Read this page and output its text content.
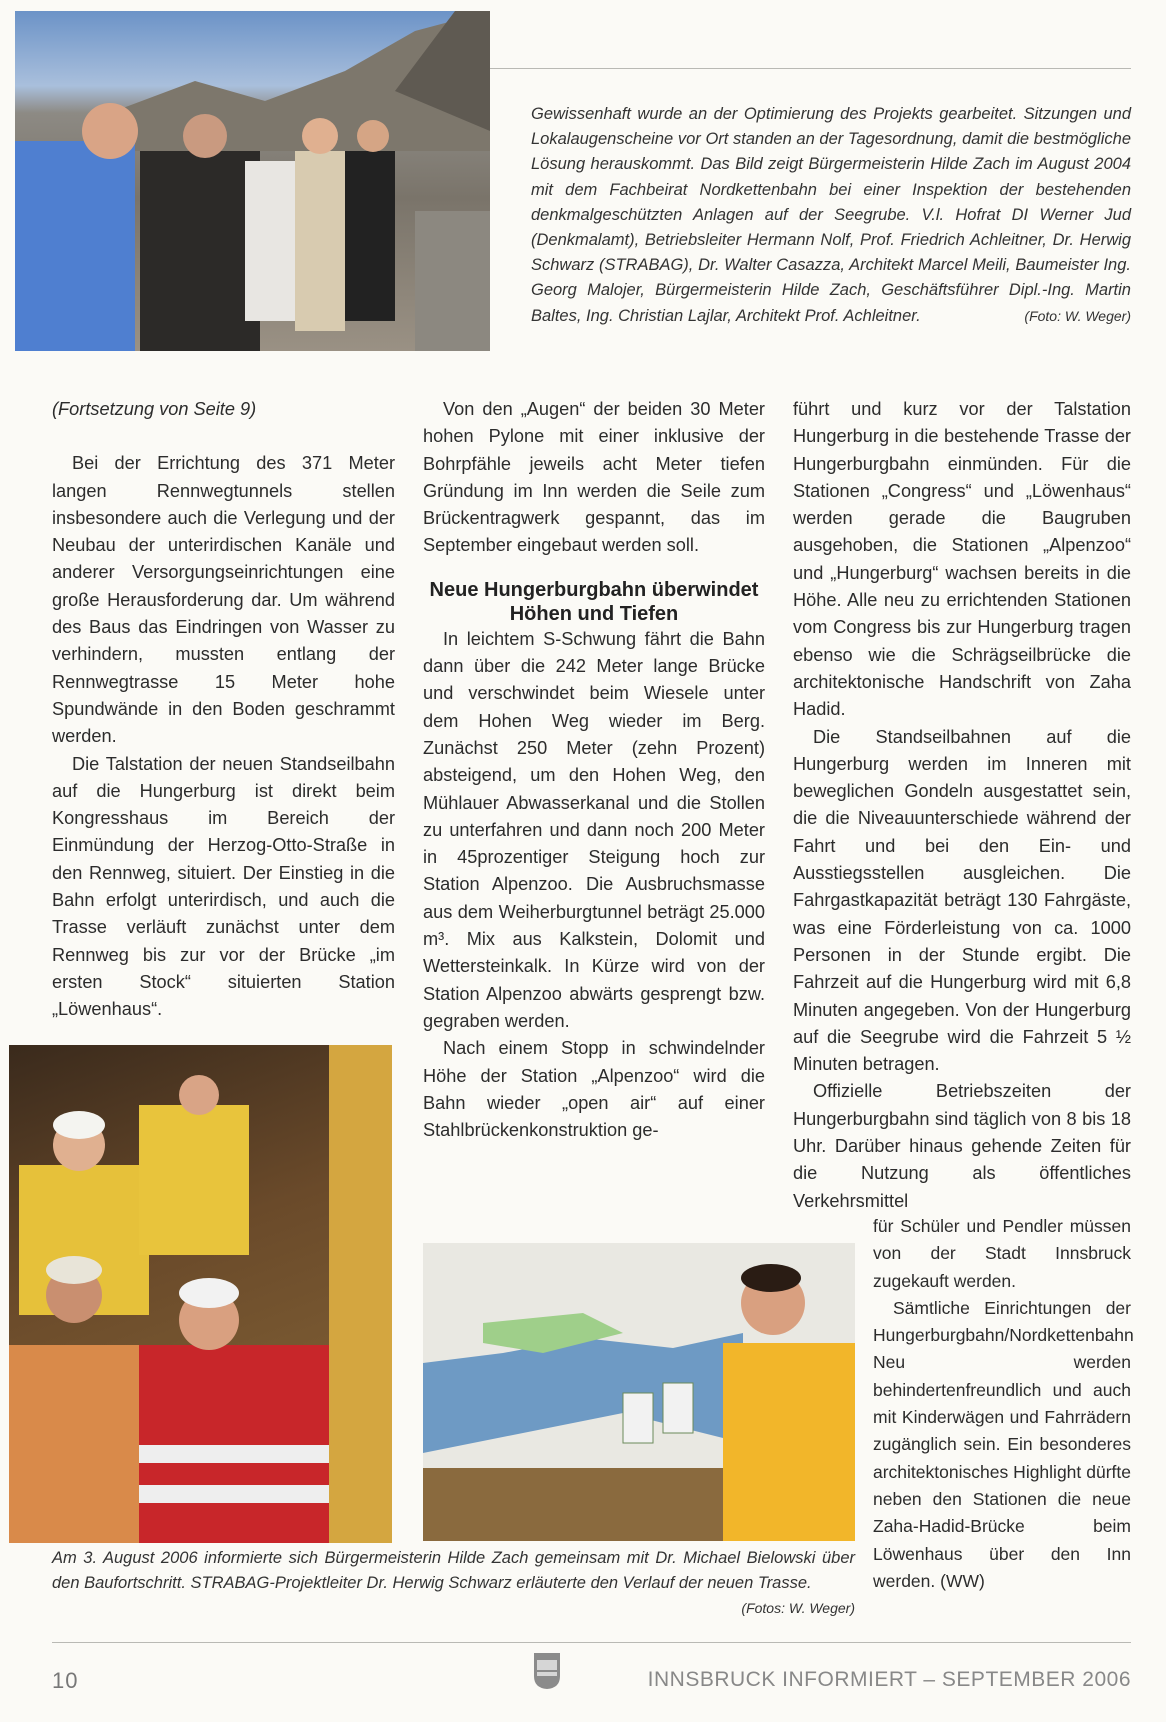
Gewissenhaft wurde an der Optimierung des Projekts gearbeitet. Sitzungen und Lokalaugenscheine vor Ort standen an der Tagesordnung, damit die bestmögliche Lösung herauskommt. Das Bild zeigt Bürgermeisterin Hilde Zach im August 2004 mit dem Fachbeirat Nordkettenbahn bei einer Inspektion der bestehenden denkmalgeschützten Anlagen auf der Seegrube. V.l. Hofrat DI Werner Jud (Denkmalamt), Betriebsleiter Hermann Nolf, Prof. Friedrich Achleitner, Dr. Herwig Schwarz (STRABAG), Dr. Walter Casazza, Architekt Marcel Meili, Baumeister Ing. Georg Malojer, Bürgermeisterin Hilde Zach, Geschäftsführer Dipl.-Ing. Martin Baltes, Ing. Christian Lajlar, Architekt Prof. Achleitner.	(Foto: W. Weger)

(Fortsetzung von Seite 9)

Bei der Errichtung des 371 Meter langen Rennwegtunnels stellen insbesondere auch die Verlegung und der Neubau der unterirdischen Kanäle und anderer Versorgungseinrichtungen eine große Herausforderung dar. Um während des Baus das Eindringen von Wasser zu verhindern, mussten entlang der Rennwegtrasse 15 Meter hohe Spundwände in den Boden geschrammt werden.

Die Talstation der neuen Standseilbahn auf die Hungerburg ist direkt beim Kongresshaus im Bereich der Einmündung der Herzog-Otto-Straße in den Rennweg, situiert. Der Einstieg in die Bahn erfolgt unterirdisch, und auch die Trasse verläuft zunächst unter dem Rennweg bis zur vor der Brücke „im ersten Stock“ situierten Station „Löwenhaus“.

Von den „Augen“ der beiden 30 Meter hohen Pylone mit einer inklusive der Bohrpfähle jeweils acht Meter tiefen Gründung im Inn werden die Seile zum Brückentragwerk gespannt, das im September eingebaut werden soll.

Neue Hungerburgbahn überwindet Höhen und Tiefen

In leichtem S-Schwung fährt die Bahn dann über die 242 Meter lange Brücke und verschwindet beim Wiesele unter dem Hohen Weg wieder im Berg. Zunächst 250 Meter (zehn Prozent) absteigend, um den Hohen Weg, den Mühlauer Abwasserkanal und die Stollen zu unterfahren und dann noch 200 Meter in 45prozentiger Steigung hoch zur Station Alpenzoo. Die Ausbruchsmasse aus dem Weiherburgtunnel beträgt 25.000 m³. Mix aus Kalkstein, Dolomit und Wettersteinkalk. In Kürze wird von der Station Alpenzoo abwärts gesprengt bzw. gegraben werden.

Nach einem Stopp in schwindelnder Höhe der Station „Alpenzoo“ wird die Bahn wieder „open air“ auf einer Stahlbrückenkonstruktion ge-

führt und kurz vor der Talstation Hungerburg in die bestehende Trasse der Hungerburgbahn einmünden. Für die Stationen „Congress“ und „Löwenhaus“ werden gerade die Baugruben ausgehoben, die Stationen „Alpenzoo“ und „Hungerburg“ wachsen bereits in die Höhe. Alle neu zu errichtenden Stationen vom Congress bis zur Hungerburg tragen ebenso wie die Schrägseilbrücke die architektonische Handschrift von Zaha Hadid.

Die Standseilbahnen auf die Hungerburg werden im Inneren mit beweglichen Gondeln ausgestattet sein, die die Niveauunterschiede während der Fahrt und bei den Ein- und Ausstiegsstellen ausgleichen. Die Fahrgastkapazität beträgt 130 Fahrgäste, was eine Förderleistung von ca. 1000 Personen in der Stunde ergibt. Die Fahrzeit auf die Hungerburg wird mit 6,8 Minuten angegeben. Von der Hungerburg auf die Seegrube wird die Fahrzeit 5 ½ Minuten betragen.

Offizielle Betriebszeiten der Hungerburgbahn sind täglich von 8 bis 18 Uhr. Darüber hinaus gehende Zeiten für die Nutzung als öffentliches Verkehrsmittel

für Schüler und Pendler müssen von der Stadt Innsbruck zugekauft werden.

Sämtliche Einrichtungen der Hungerburgbahn/Nordkettenbahn Neu werden behindertenfreundlich und auch mit Kinderwägen und Fahrrädern zugänglich sein. Ein besonderes architektonisches Highlight dürfte neben den Stationen die neue Zaha-Hadid-Brücke beim Löwenhaus über den Inn werden. (WW)

Am 3. August 2006 informierte sich Bürgermeisterin Hilde Zach gemeinsam mit Dr. Michael Bielowski über den Baufortschritt. STRABAG-Projektleiter Dr. Herwig Schwarz erläuterte den Verlauf der neuen Trasse.
(Fotos: W. Weger)
10	INNSBRUCK INFORMIERT – SEPTEMBER 2006
